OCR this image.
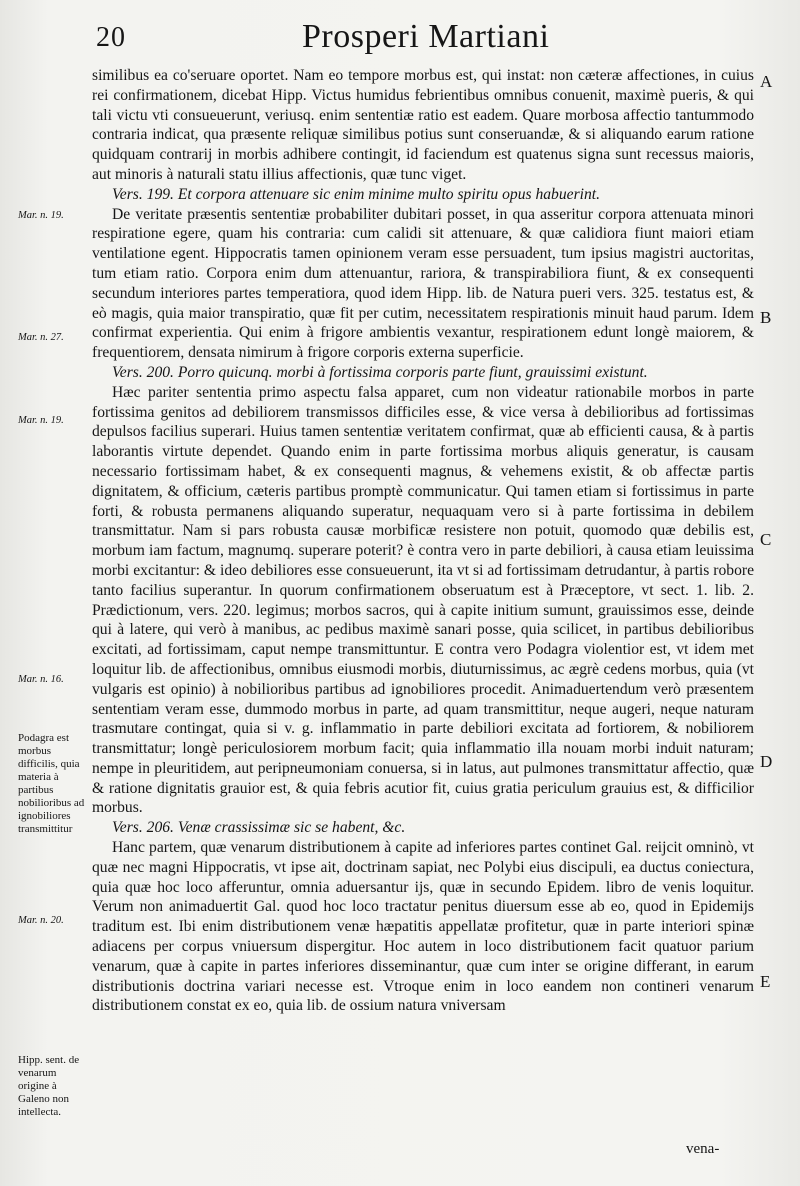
20	Prosperi Martiani

similibus ea co'seruare oportet. Nam eo tempore morbus est, qui instat: non cæteræ affectiones, in cuius rei confirmationem, dicebat Hipp. Victus humidus febrientibus omnibus conuenit, maximè pueris, & qui tali victu vti consueuerunt, veriusq. enim sententiæ ratio est eadem. Quare morbosa affectio tantummodo contraria indicat, qua præsente reliquæ similibus potius sunt conseruandæ, & si aliquando earum ratione quidquam contrarij in morbis adhibere contingit, id faciendum est quatenus signa sunt recessus maioris, aut minoris à naturali statu illius affectionis, quæ tunc viget.

Vers. 199. Et corpora attenuare sic enim minime multo spiritu opus habuerint.

De veritate præsentis sententiæ probabiliter dubitari posset, in qua asseritur corpora attenuata minori respiratione egere, quam his contraria: cum calidi sit attenuare, & quæ calidiora fiunt maiori etiam ventilatione egent. Hippocratis tamen opinionem veram esse persuadent, tum ipsius magistri auctoritas, tum etiam ratio. Corpora enim dum attenuantur, rariora, & transpirabiliora fiunt, & ex consequenti secundum interiores partes temperatiora, quod idem Hipp. lib. de Natura pueri vers. 325. testatus est, & eò magis, quia maior transpiratio, quæ fit per cutim, necessitatem respirationis minuit haud parum. Idem confirmat experientia. Qui enim à frigore ambientis vexantur, respirationem edunt longè maiorem, & frequentiorem, densata nimirum à frigore corporis externa superficie.

Vers. 200. Porro quicunq. morbi à fortissima corporis parte fiunt, grauissimi existunt.

Hæc pariter sententia primo aspectu falsa apparet, cum non videatur rationabile morbos in parte fortissima genitos ad debiliorem transmissos difficiles esse, & vice versa à debilioribus ad fortissimas depulsos facilius superari. Huius tamen sententiæ veritatem confirmat, quæ ab efficienti causa, & à partis laborantis virtute dependet. Quando enim in parte fortissima morbus aliquis generatur, is causam necessario fortissimam habet, & ex consequenti magnus, & vehemens existit, & ob affectæ partis dignitatem, & officium, cæteris partibus promptè communicatur. Qui tamen etiam si fortissimus in parte forti, & robusta permanens aliquando superatur, nequaquam vero si à parte fortissima in debilem transmittatur. Nam si pars robusta causæ morbificæ resistere non potuit, quomodo quæ debilis est, morbum iam factum, magnumq. superare poterit? è contra vero in parte debiliori, à causa etiam leuissima morbi excitantur: & ideo debiliores esse consueuerunt, ita vt si ad fortissimam detrudantur, à partis robore tanto facilius superantur. In quorum confirmationem obseruatum est à Præceptore, vt sect. 1. lib. 2. Prædictionum, vers. 220. legimus; morbos sacros, qui à capite initium sumunt, grauissimos esse, deinde qui à latere, qui verò à manibus, ac pedibus maximè sanari posse, quia scilicet, in partibus debilioribus excitati, ad fortissimam, caput nempe transmittuntur. E contra vero Podagra violentior est, vt idem met loquitur lib. de affectionibus, omnibus eiusmodi morbis, diuturnissimus, ac ægrè cedens morbus, quia (vt vulgaris est opinio) à nobilioribus partibus ad ignobiliores procedit. Animaduertendum verò præsentem sententiam veram esse, dummodo morbus in parte, ad quam transmittitur, neque augeri, neque naturam trasmutare contingat, quia si v. g. inflammatio in parte debiliori excitata ad fortiorem, & nobiliorem transmittatur; longè periculosiorem morbum facit; quia inflammatio illa nouam morbi induit naturam; nempe in pleuritidem, aut peripneumoniam conuersa, si in latus, aut pulmones transmittatur affectio, quæ & ratione dignitatis grauior est, & quia febris acutior fit, cuius gratia periculum grauius est, & difficilior morbus.

Vers. 206. Venæ crassissimæ sic se habent, &c.

Hanc partem, quæ venarum distributionem à capite ad inferiores partes continet Gal. reijcit omninò, vt quæ nec magni Hippocratis, vt ipse ait, doctrinam sapiat, nec Polybi eius discipuli, ea ductus coniectura, quia quæ hoc loco afferuntur, omnia aduersantur ijs, quæ in secundo Epidem. libro de venis loquitur. Verum non animaduertit Gal. quod hoc loco tractatur penitus diuersum esse ab eo, quod in Epidemijs traditum est. Ibi enim distributionem venæ hæpatitis appellatæ profitetur, quæ in parte interiori spinæ adiacens per corpus vniuersum dispergitur. Hoc autem in loco distributionem facit quatuor parium venarum, quæ à capite in partes inferiores disseminantur, quæ cum inter se origine differant, in earum distributionis doctrina variari necesse est. Vtroque enim in loco eandem non contineri venarum distributionem constat ex eo, quia lib. de ossium natura vniversam

Mar. n. 19.
Mar. n. 27.
Mar. n. 19.
Mar. n. 16.
Mar. n. 20.
Podagra est morbus difficilis, quia materia à partibus nobilioribus ad ignobiliores transmittitur
Hipp. sent. de venarum origine à Galeno non intellecta.
A
B
C
D
E
vena-
